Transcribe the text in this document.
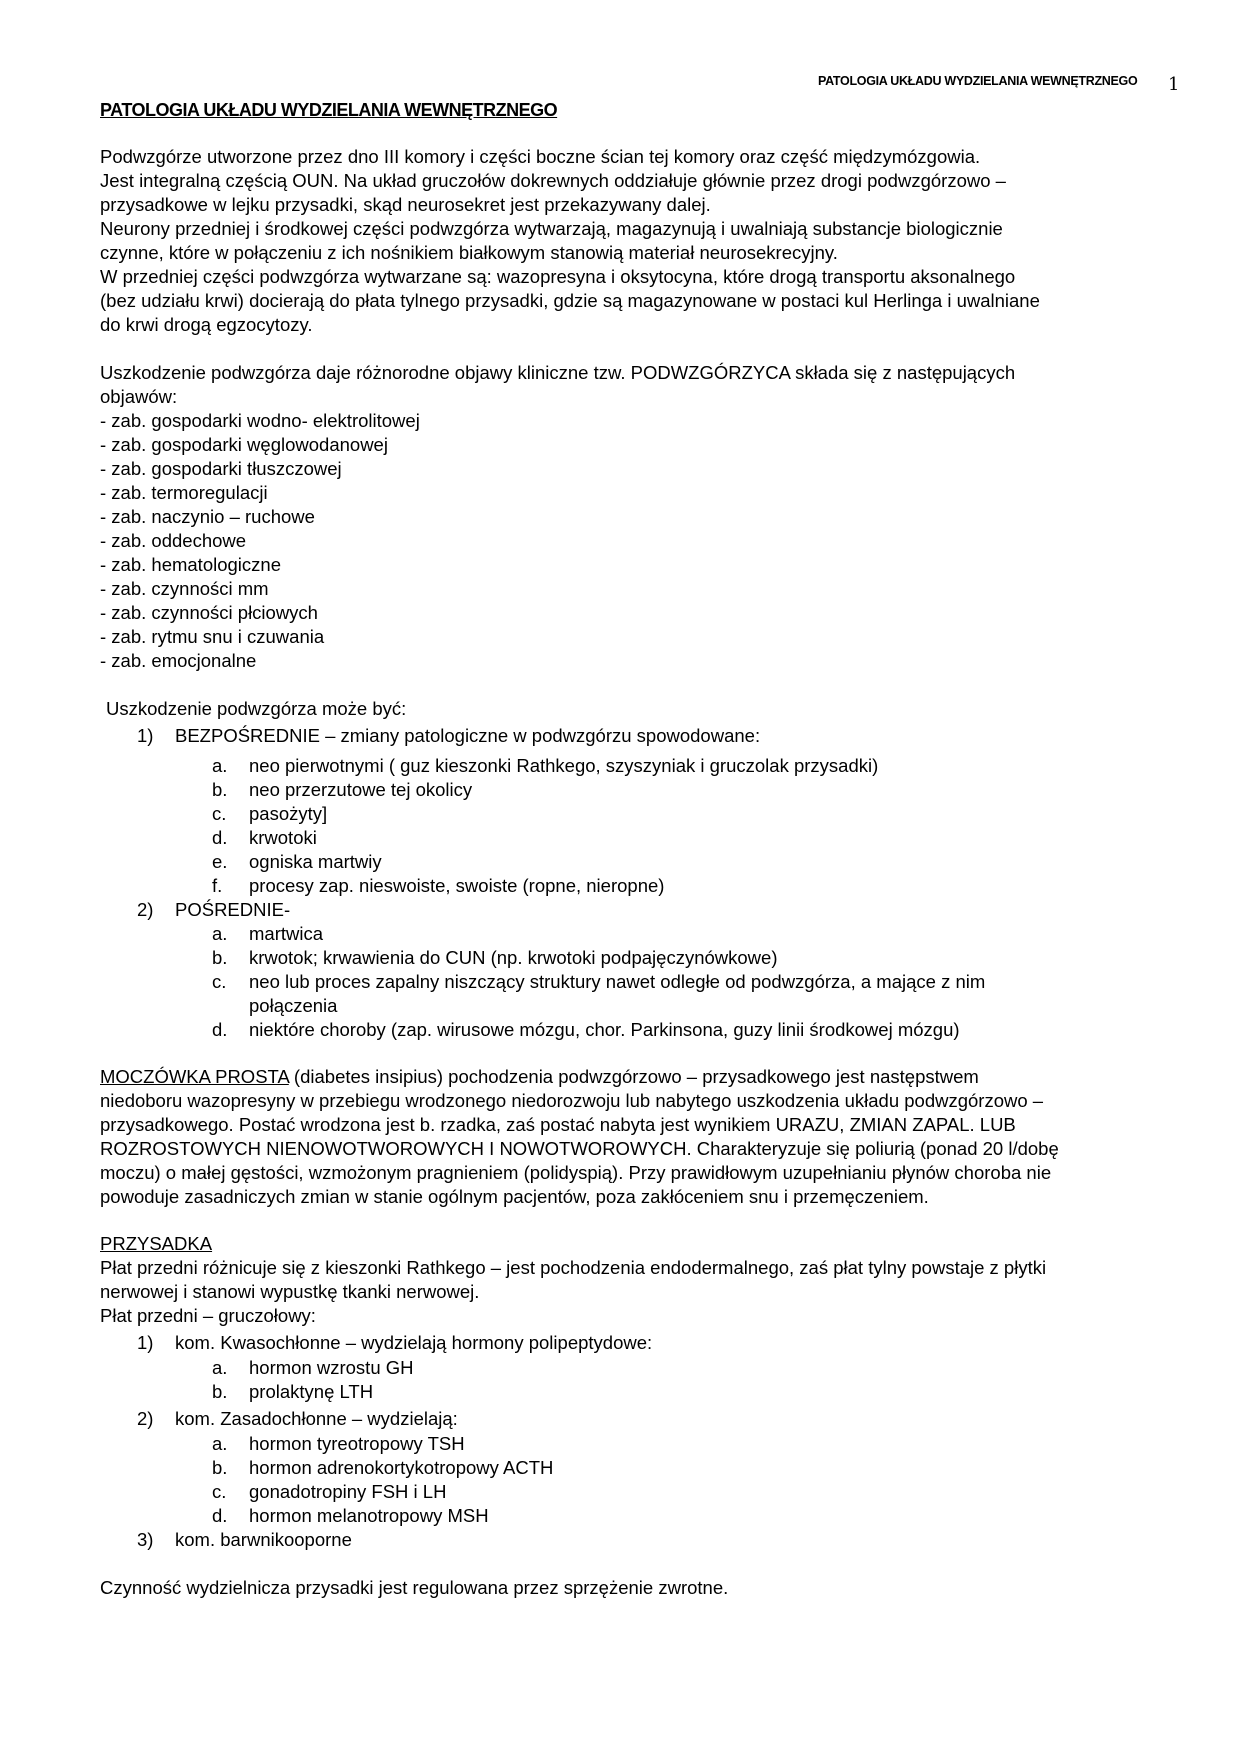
PATOLOGIA UKŁADU WYDZIELANIA WEWNĘTRZNEGO 1
PATOLOGIA UKŁADU WYDZIELANIA WEWNĘTRZNEGO
Podwzgórze utworzone przez dno III komory i części boczne ścian tej komory oraz część międzymózgowia.
Jest integralną częścią OUN. Na układ gruczołów dokrewnych oddziałuje głównie przez drogi podwzgórzowo –
przysadkowe w lejku przysadki, skąd neurosekret jest przekazywany dalej.
Neurony przedniej i środkowej części podwzgórza wytwarzają, magazynują i uwalniają substancje biologicznie
czynne, które w połączeniu z ich nośnikiem białkowym stanowią materiał neurosekrecyjny.
W przedniej części podwzgórza wytwarzane są: wazopresyna i oksytocyna, które drogą transportu aksonalnego
(bez udziału krwi) docierają do płata tylnego przysadki, gdzie są magazynowane w postaci kul Herlinga i uwalniane
do krwi drogą egzocytozy.
Uszkodzenie podwzgórza daje różnorodne objawy kliniczne tzw. PODWZGÓRZYCA składa się z następujących
objawów:
- zab. gospodarki wodno- elektrolitowej
- zab. gospodarki węglowodanowej
- zab. gospodarki tłuszczowej
- zab. termoregulacji
- zab. naczynio – ruchowe
- zab. oddechowe
- zab. hematologiczne
- zab. czynności mm
- zab. czynności płciowych
- zab. rytmu snu i czuwania
- zab. emocjonalne
Uszkodzenie podwzgórza może być:
1) BEZPOŚREDNIE – zmiany patologiczne w podwzgórzu spowodowane:
a. neo pierwotnymi ( guz kieszonki Rathkego, szyszyniak i gruczolak przysadki)
b. neo przerzutowe tej okolicy
c. pasożyty]
d. krwotoki
e. ogniska martwiy
f. procesy zap. nieswoiste, swoiste (ropne, nieropne)
2) POŚREDNIE-
a. martwica
b. krwotok; krwawienia do CUN (np. krwotoki podpajęczynówkowe)
c. neo lub proces zapalny niszczący struktury nawet odległe od podwzgórza, a mające z nim
połączenia
d. niektóre choroby (zap. wirusowe mózgu, chor. Parkinsona, guzy linii środkowej mózgu)
MOCZÓWKA PROSTA (diabetes insipius) pochodzenia podwzgórzowo – przysadkowego jest następstwem
niedoboru wazopresyny w przebiegu wrodzonego niedorozwoju lub nabytego uszkodzenia układu podwzgórzowo –
przysadkowego. Postać wrodzona jest b. rzadka, zaś postać nabyta jest wynikiem URAZU, ZMIAN ZAPAL. LUB
ROZROSTOWYCH NIENOWOTWOROWYCH I NOWOTWOROWYCH. Charakteryzuje się poliurią (ponad 20 l/dobę
moczu) o małej gęstości, wzmożonym pragnieniem (polidyspią). Przy prawidłowym uzupełnianiu płynów choroba nie
powoduje zasadniczych zmian w stanie ogólnym pacjentów, poza zakłóceniem snu i przemęczeniem.
PRZYSADKA
Płat przedni różnicuje się z kieszonki Rathkego – jest pochodzenia endodermalnego, zaś płat tylny powstaje z płytki
nerwowej i stanowi wypustkę tkanki nerwowej.
Płat przedni – gruczołowy:
1) kom. Kwasochłonne – wydzielają hormony polipeptydowe:
a. hormon wzrostu GH
b. prolaktynę LTH
2) kom. Zasadochłonne – wydzielają:
a. hormon tyreotropowy TSH
b. hormon adrenokortykotropowy ACTH
c. gonadotropiny FSH i LH
d. hormon melanotropowy MSH
3) kom. barwnikooporne
Czynność wydzielnicza przysadki jest regulowana przez sprzężenie zwrotne.
